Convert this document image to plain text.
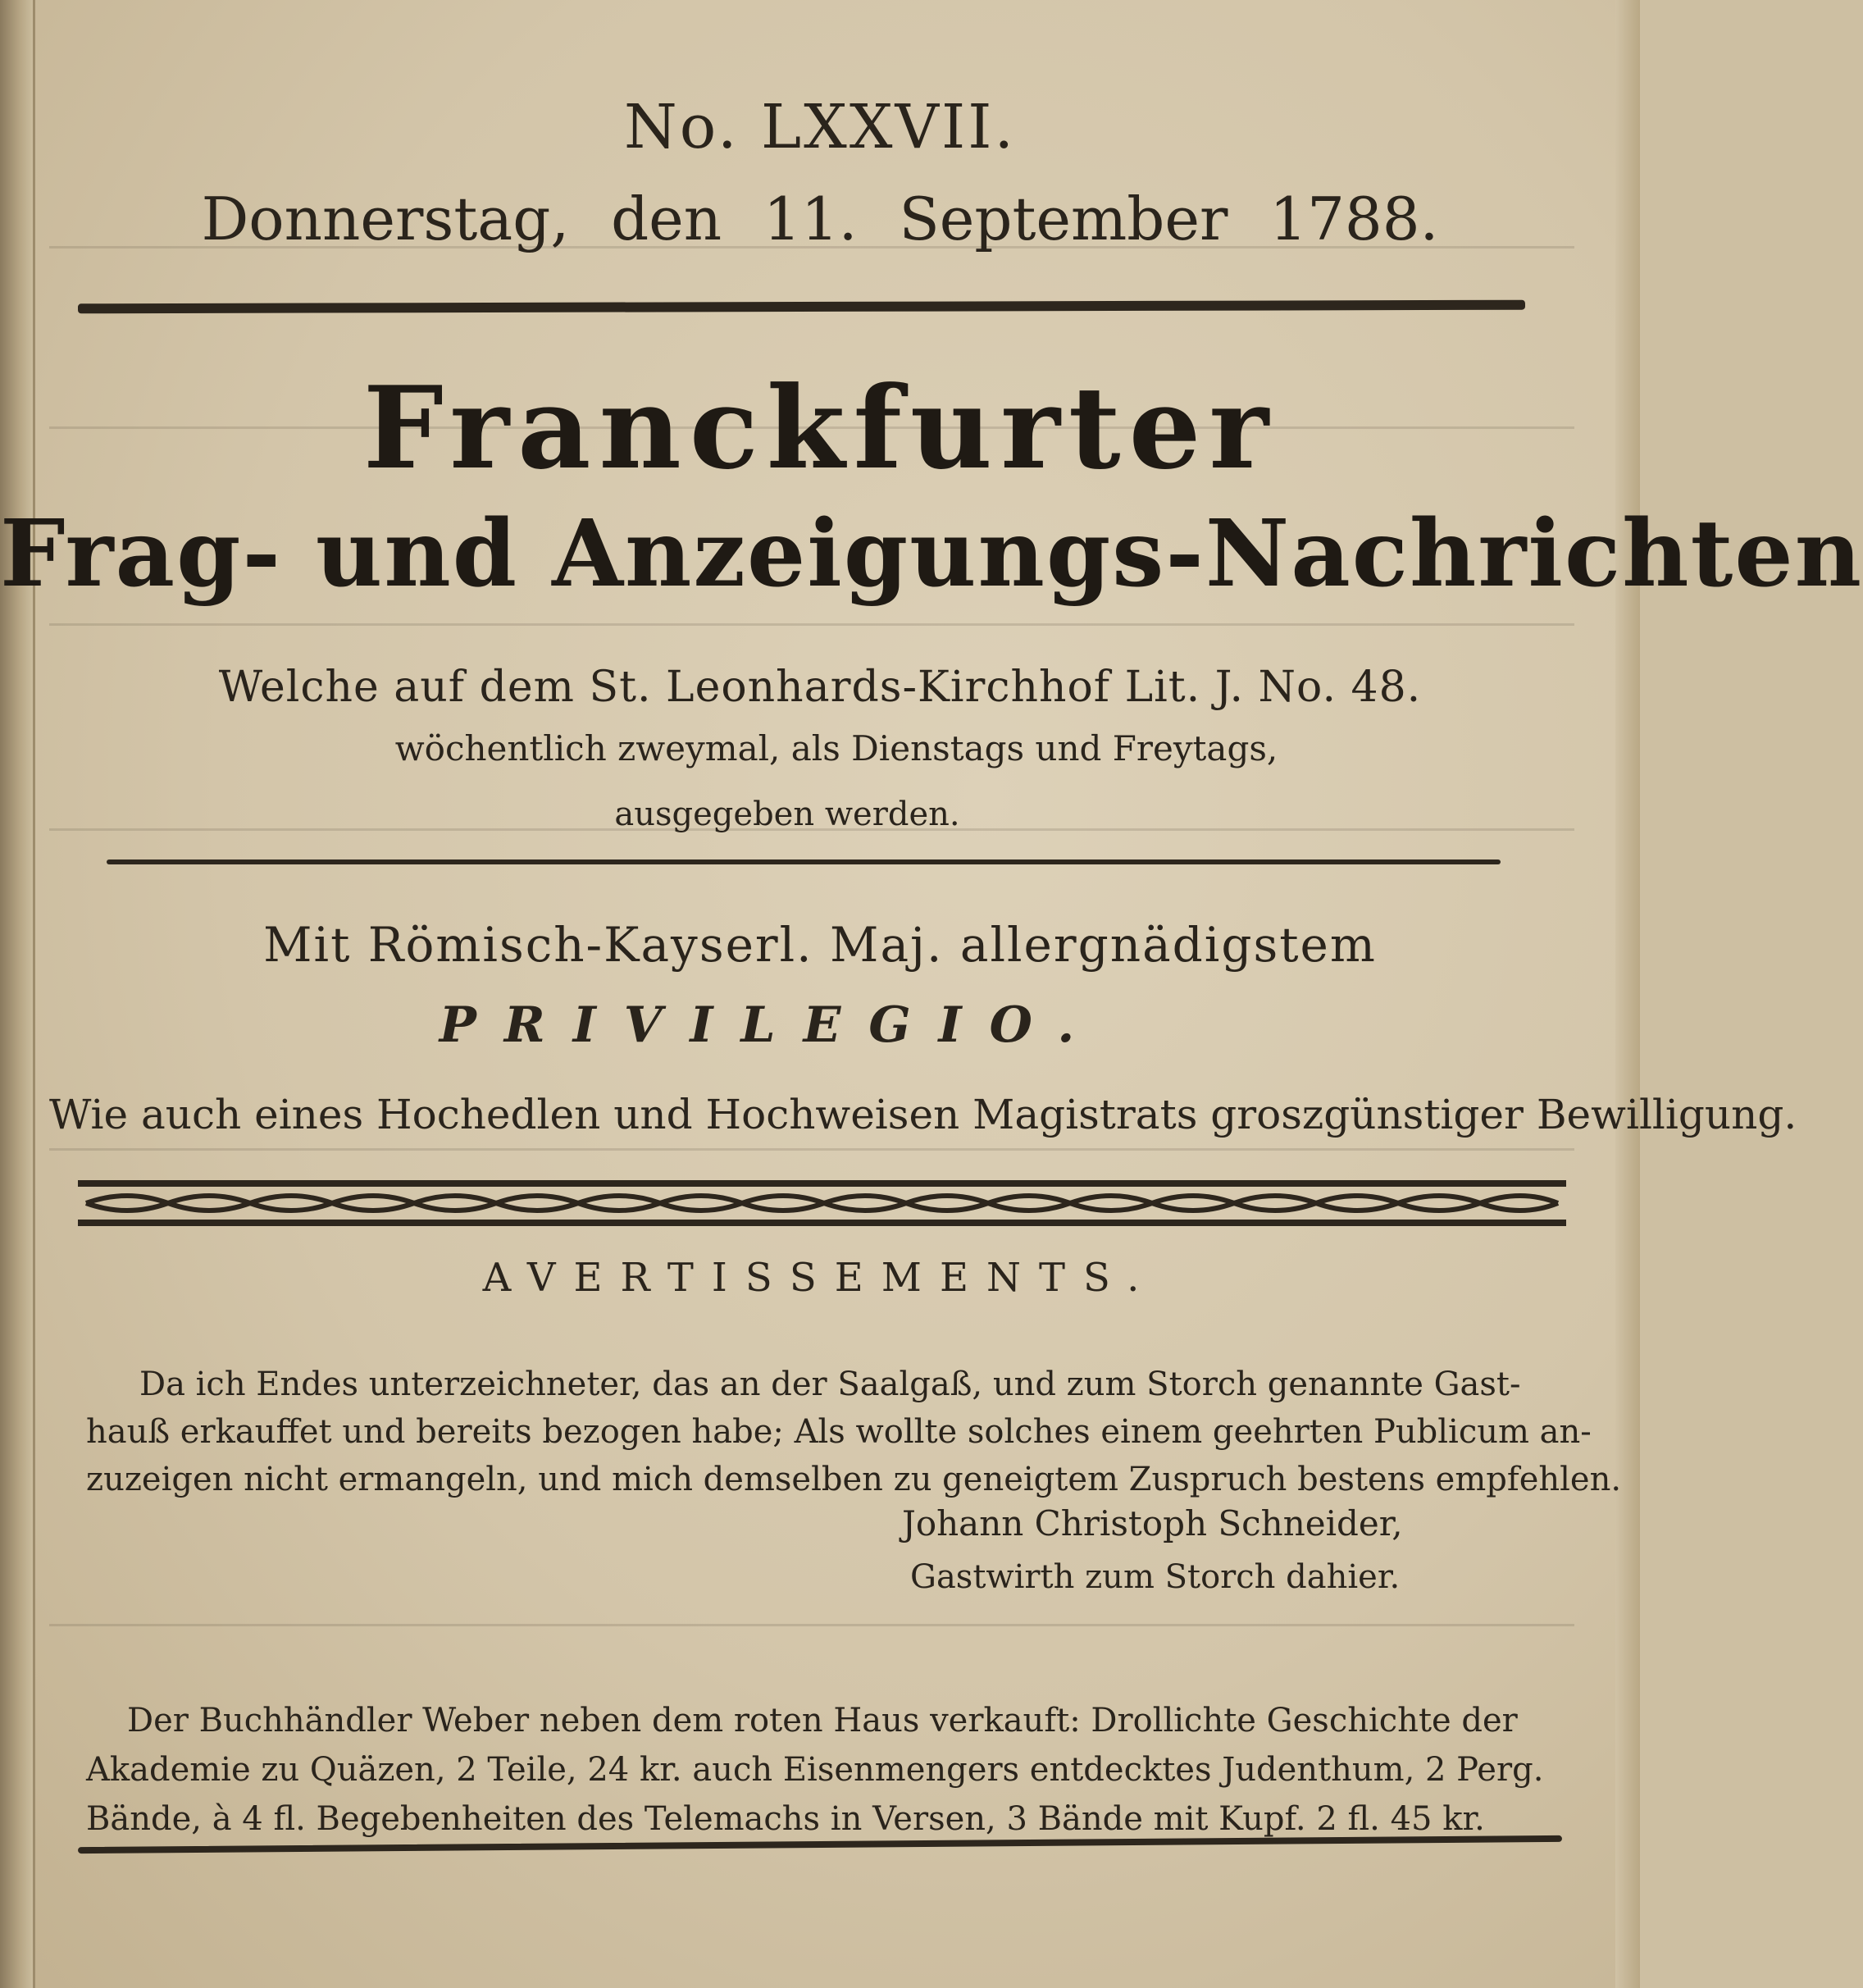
No. LXXVII.
Donnerstag, den 11. September 1788.
Franckfurter
Frag- und Anzeigungs-Nachrichten
Welche auf dem St. Leonhards-Kirchhof Lit. J. No. 48.
wöchentlich zweymal, als Dienstags und Freytags,
ausgegeben werden.
Mit Römisch-Kayserl. Maj. allergnädigstem
PRIVILEGIO.
Wie auch eines Hochedlen und Hochweisen Magistrats groszgünstiger Bewilligung.
AVERTISSEMENTS.
Da ich Endes unterzeichneter, das an der Saalgaß, und zum Storch genannte Gast-
hauß erkauffet und bereits bezogen habe; Als wollte solches einem geehrten Publicum an-
zuzeigen nicht ermangeln, und mich demselben zu geneigtem Zuspruch bestens empfehlen.
Johann Christoph Schneider,
Gastwirth zum Storch dahier.
Der Buchhändler Weber neben dem roten Haus verkauft: Drollichte Geschichte der
Akademie zu Quäzen, 2 Teile, 24 kr. auch Eisenmengers entdecktes Judenthum, 2 Perg.
Bände, à 4 fl. Begebenheiten des Telemachs in Versen, 3 Bände mit Kupf. 2 fl. 45 kr.
